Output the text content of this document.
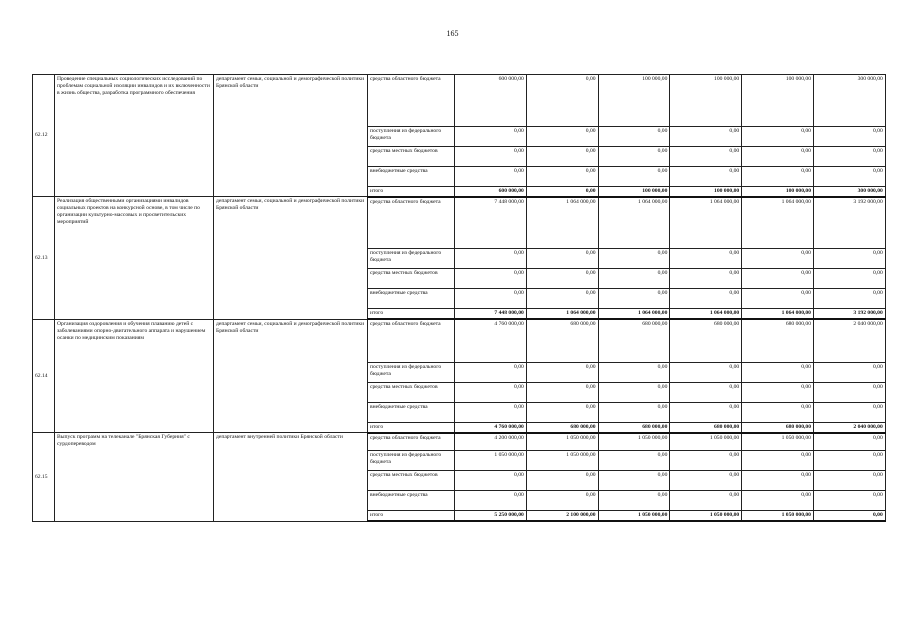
165
62.12	Проведение специальных социологических исследований по проблемам социальной изоляции инвалидов и их включенности в жизнь общества, разработка программного обеспечения	департамент семьи, социальной и демографической политики Брянской области	средства областного бюджета	600 000,00	0,00	100 000,00	100 000,00	100 000,00	300 000,00
			поступления из федерального бюджета	0,00	0,00	0,00	0,00	0,00	0,00
			средства местных бюджетов	0,00	0,00	0,00	0,00	0,00	0,00
			внебюджетные средства	0,00	0,00	0,00	0,00	0,00	0,00
			итого	600 000,00	0,00	100 000,00	100 000,00	100 000,00	300 000,00
62.13	Реализация общественными организациями инвалидов социальных проектов на конкурсной основе, в том числе по организации культурно-массовых и просветительских мероприятий	департамент семьи, социальной и демографической политики Брянской области	средства областного бюджета	7 448 000,00	1 064 000,00	1 064 000,00	1 064 000,00	1 064 000,00	3 192 000,00
			поступления из федерального бюджета	0,00	0,00	0,00	0,00	0,00	0,00
			средства местных бюджетов	0,00	0,00	0,00	0,00	0,00	0,00
			внебюджетные средства	0,00	0,00	0,00	0,00	0,00	0,00
			итого	7 448 000,00	1 064 000,00	1 064 000,00	1 064 000,00	1 064 000,00	3 192 000,00
62.14	Организация оздоровления и обучения плаванию детей с заболеваниями опорно-двигательного аппарата и нарушением осанки по медицинским показаниям	департамент семьи, социальной и демографической политики Брянской области	средства областного бюджета	4 760 000,00	680 000,00	680 000,00	680 000,00	680 000,00	2 040 000,00
			поступления из федерального бюджета	0,00	0,00	0,00	0,00	0,00	0,00
			средства местных бюджетов	0,00	0,00	0,00	0,00	0,00	0,00
			внебюджетные средства	0,00	0,00	0,00	0,00	0,00	0,00
			итого	4 760 000,00	680 000,00	680 000,00	680 000,00	680 000,00	2 040 000,00
62.15	Выпуск программ на телеканале "Брянская Губерния" с сурдопереводом	департамент внутренней политики Брянской области	средства областного бюджета	4 200 000,00	1 050 000,00	1 050 000,00	1 050 000,00	1 050 000,00	0,00
			поступления из федерального бюджета	1 050 000,00	1 050 000,00	0,00	0,00	0,00	0,00
			средства местных бюджетов	0,00	0,00	0,00	0,00	0,00	0,00
			внебюджетные средства	0,00	0,00	0,00	0,00	0,00	0,00
			итого	5 250 000,00	2 100 000,00	1 050 000,00	1 050 000,00	1 050 000,00	0,00
